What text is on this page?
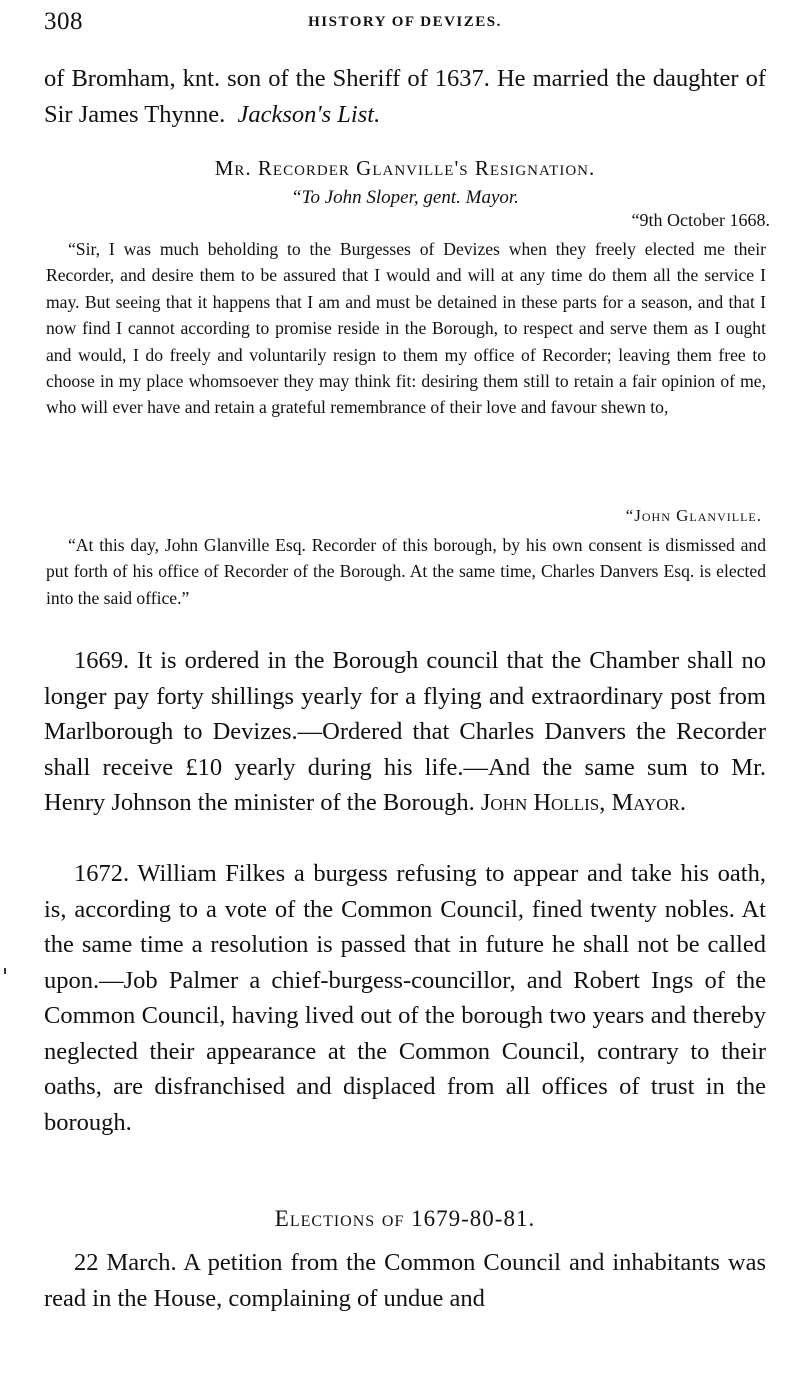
308	HISTORY OF DEVIZES.

of Bromham, knt. son of the Sheriff of 1637. He married the daughter of Sir James Thynne. Jackson's List.

Mr. Recorder Glanville's Resignation.
“To John Sloper, gent. Mayor.
“9th October 1668.

“Sir, I was much beholding to the Burgesses of Devizes when they freely elected me their Recorder, and desire them to be assured that I would and will at any time do them all the service I may. But seeing that it happens that I am and must be detained in these parts for a season, and that I now find I cannot according to promise reside in the Borough, to respect and serve them as I ought and would, I do freely and voluntarily resign to them my office of Recorder; leaving them free to choose in my place whomsoever they may think fit: desiring them still to retain a fair opinion of me, who will ever have and retain a grateful remembrance of their love and favour shewn to,

“John Glanville.

“At this day, John Glanville Esq. Recorder of this borough, by his own consent is dismissed and put forth of his office of Recorder of the Borough. At the same time, Charles Danvers Esq. is elected into the said office.”

1669. It is ordered in the Borough council that the Chamber shall no longer pay forty shillings yearly for a flying and extraordinary post from Marlborough to Devizes.—Ordered that Charles Danvers the Recorder shall receive £10 yearly during his life.—And the same sum to Mr. Henry Johnson the minister of the Borough. John Hollis, Mayor.

1672. William Filkes a burgess refusing to appear and take his oath, is, according to a vote of the Common Council, fined twenty nobles. At the same time a resolution is passed that in future he shall not be called upon.—Job Palmer a chief-burgess-councillor, and Robert Ings of the Common Council, having lived out of the borough two years and thereby neglected their appearance at the Common Council, contrary to their oaths, are disfranchised and displaced from all offices of trust in the borough.

Elections of 1679-80-81.

22 March. A petition from the Common Council and inhabitants was read in the House, complaining of undue and
